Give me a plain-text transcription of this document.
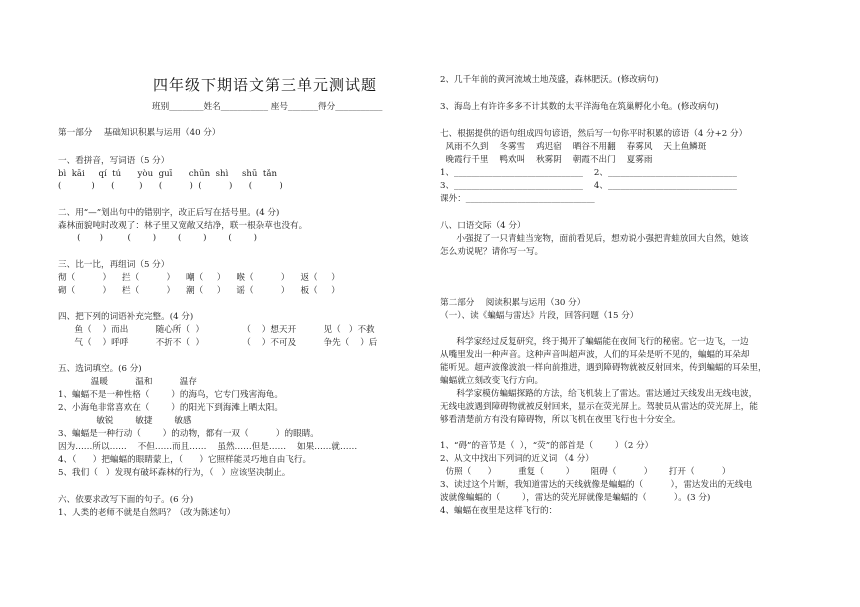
四年级下期语文第三单元测试题
班别________姓名___________ 座号_______得分___________
第一部分　 基础知识积累与运用（40 分）
一、看拼音，写词语（5 分）
bì  kāi     qí  tú      yòu  guī      chūn  shì     shū  tǎn
(           )      (         )      (          )  (          )      (          )
二、用“—”划出句中的错别字，改正后写在括号里。(4 分)
森林面貌吨时改观了：林子里又宽敞又结净，联一根杂草也没有。
(       )         (        )        (        )        (        )
三、比一比，再组词（5 分）
彻（          ）    拦（          ）    嘲（     ）    喉（          ）    返（     ）
砌（          ）    栏（          ）    潮（     ）    谣（          ）    板（     ）
四、把下列的词语补充完整。(4 分)
鱼（    ）而出          随心所（  ）              （    ）想天开          见（   ）不救
气（    ）呼呼          不折不（  ）              （    ）不可及          争先（    ）后
五、选词填空。(6 分)
温暖          温和          温存
1、蝙蝠不是一种性格（        ）的海鸟，它专门残害海龟。
2、小海龟非常喜欢在（        ）的阳光下到海滩上晒太阳。
敏锐        敏捷        敏感
3、蝙蝠是一种行动（        ）的动物，都有一双（          ）的眼睛。
因为……所以……    不但……而且……    虽然……但是……    如果……就……
4、（      ）把蝙蝠的眼睛蒙上，（      ）它照样能灵巧地自由飞行。
5、我们（   ）发现有破坏森林的行为，（   ）应该坚决制止。
六、依要求改写下面的句子。(6 分)
1、人类的老师不就是自然吗？（改为陈述句）
2、几千年前的黄河流域土地茂盛，森林肥沃。(修改病句)
3、海岛上有许许多多不计其数的太平洋海龟在筑巢孵化小龟。(修改病句)
七、根据提供的语句组成四句谚语，然后写一句你平时积累的谚语（4 分+2 分）
风雨不久到    冬雾雪    鸡迟宿    晒谷不用翻    春雾风    天上鱼鳞斑
晚霞行千里    鸭欢叫    秋雾阴    朝霞不出门    夏雾雨
1、______________________________    2、______________________________
3、______________________________    4、______________________________
课外：______________________________
八、口语交际（4 分）
小强捉了一只青蛙当宠物，面前看见后，想劝说小强把青蛙放回大自然，她该
怎么劝说呢？请你写一写。
第二部分　 阅读积累与运用（30 分）
（一）、读《蝙蝠与雷达》片段，回答问题（15 分）
科学家经过反复研究，终于揭开了蝙蝠能在夜间飞行的秘密。它一边飞，一边
从嘴里发出一种声音。这种声音叫超声波，人们的耳朵是听不见的，蝙蝠的耳朵却
能听见。超声波像波浪一样向前推进，遇到障碍物就被反射回来，传到蝙蝠的耳朵里，
蝙蝠就立刻改变飞行方向。
科学家模仿蝙蝠探路的方法，给飞机装上了雷达。雷达通过天线发出无线电波，
无线电波遇到障碍物就被反射回来，显示在荧光屏上。驾驶员从雷达的荧光屏上，能
够看清楚前方有没有障碍物，所以飞机在夜里飞行也十分安全。
1、“碍”的音节是（  ），“荧”的部首是（        ）（2 分）
2、从文中找出下列词的近义词 （4 分）
仿照（      ）        重复（        ）      阻碍（          ）      打开（          ）
3、读过这个片断，我知道雷达的天线就像是蝙蝠的（          ），雷达发出的无线电
波就像蝙蝠的（        ），雷达的荧光屏就像是蝙蝠的（          ）。(3 分)
4、蝙蝠在夜里是这样飞行的：
